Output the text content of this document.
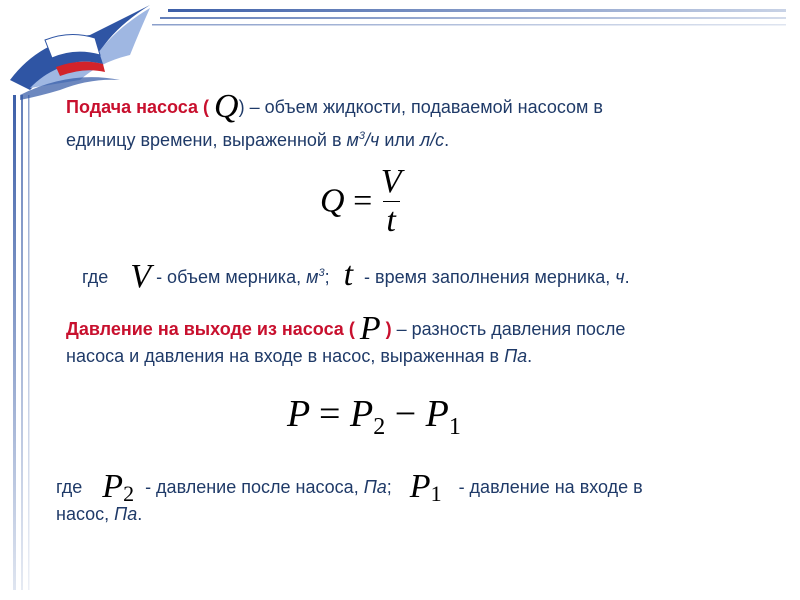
Подача насоса ( Q) – объем жидкости, подаваемой насосом в
единицу времени, выраженной в $м^3/ч$ или л/с.
$Q = \frac{V}{t}$
где V - объем мерника, $м^3$; t - время заполнения мерника, ч.
Давление на выходе из насоса ( P ) – разность давления после
насоса и давления на входе в насос, выраженная в Па.
$P = P_2 - P_1$
где $P_2$ - давление после насоса, Па; $P_1$ - давление на входе в
насос, Па.
